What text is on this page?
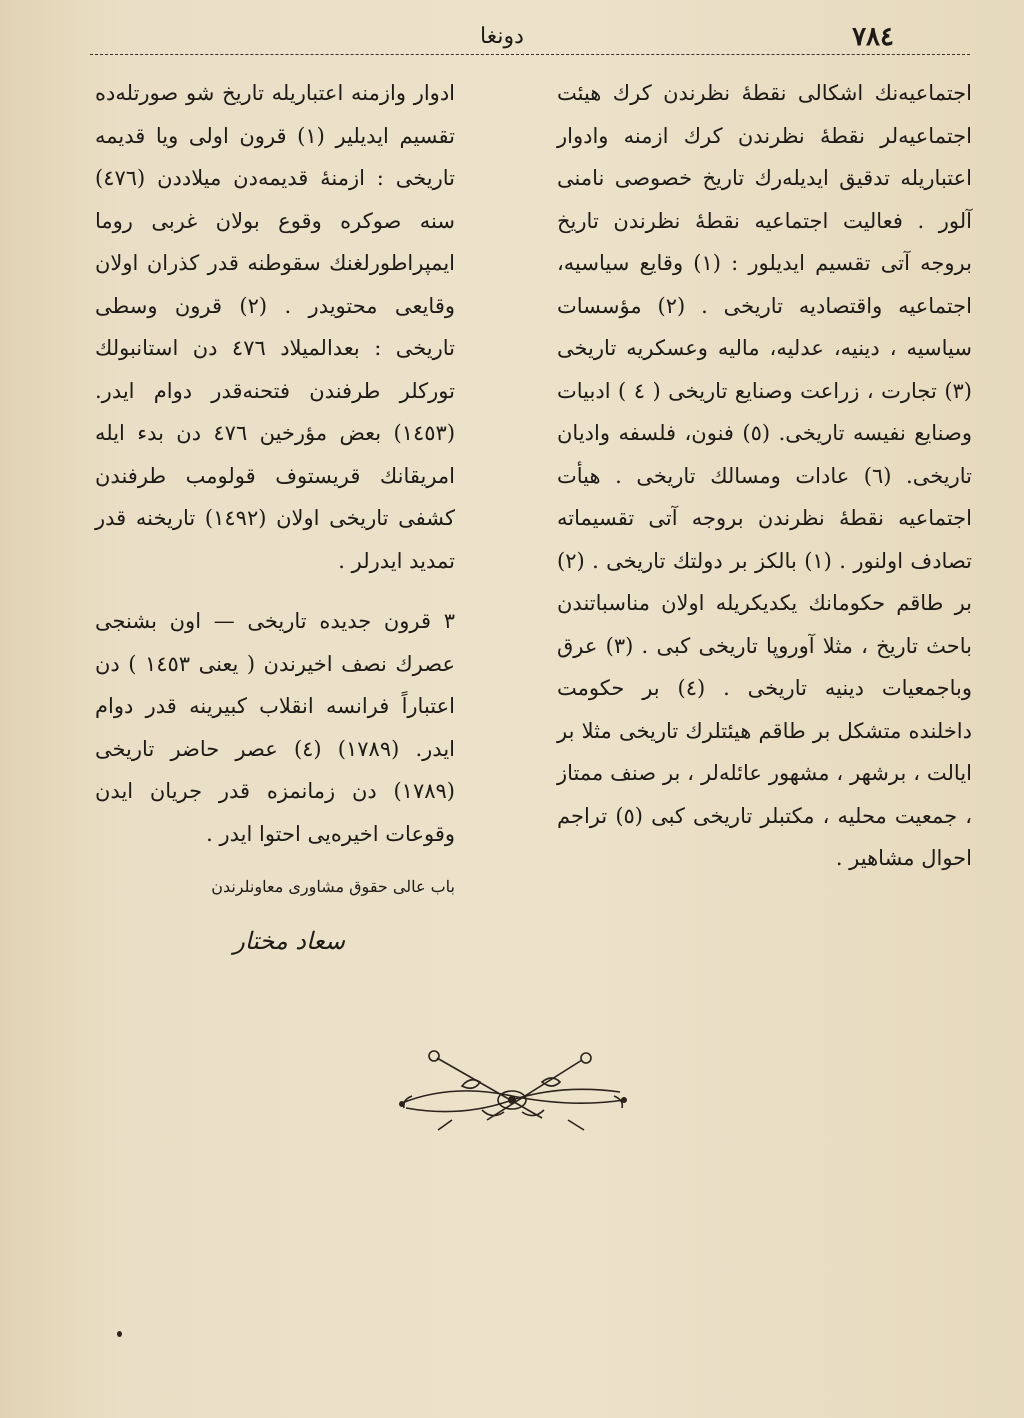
٧٨٤
دونغا

اجتماعیه‌نك اشكالی نقطهٔ نظرندن كرك هیئت اجتماعیه‌لر نقطهٔ نظرندن كرك ازمنه وادوار اعتباریله تدقیق ایدیله‌رك تاریخ خصوصی نامنی آلور . فعالیت اجتماعیه نقطهٔ نظرندن تاریخ بروجه آتی تقسیم ایدیلور : (١) وقایع سیاسیه، اجتماعیه واقتصادیه تاریخی . (٢) مؤسسات سیاسیه ، دینیه، عدلیه، مالیه وعسكریه تاریخی (٣) تجارت ، زراعت وصنایع تاریخی ( ٤ ) ادبیات وصنایع نفیسه تاریخی. (٥) فنون، فلسفه وادیان تاریخی. (٦) عادات ومسالك تاریخی . هیأت اجتماعیه نقطهٔ نظرندن بروجه آتی تقسیماته تصادف اولنور . (١) بالكز بر دولتك تاریخی . (٢) بر طاقم حكومانك یكدیكریله اولان مناسباتندن باحث تاریخ ، مثلا آوروپا تاریخی كبی . (٣) عرق وباجمعیات دینیه تاریخی . (٤) بر حكومت داخلنده متشكل بر طاقم هیئتلرك تاریخی مثلا بر ایالت ، برشهر ، مشهور عائله‌لر ، بر صنف ممتاز ، جمعیت محلیه ، مكتبلر تاریخی كبی (٥) تراجم احوال مشاهیر .

ادوار وازمنه اعتباریله تاریخ شو صورتله‌ده تقسیم ایدیلیر (١) قرون اولی ویا قدیمه تاریخی : ازمنهٔ قدیمه‌دن میلاددن (٤٧٦) سنه صوكره وقوع بولان غربی روما ایمپراطورلغنك سقوطنه قدر كذران اولان وقایعی محتویدر . (٢) قرون وسطی تاریخی : بعدالمیلاد ٤٧٦ دن استانبولك توركلر طرفندن فتحنه‌قدر دوام ایدر. (١٤٥٣) بعض مؤرخین ٤٧٦ دن بدء ایله امریقانك قریستوف قولومب طرفندن كشفی تاریخی اولان (١٤٩٢) تاریخنه قدر تمدید ایدرلر .

٣ قرون جدیده تاریخی — اون بشنجی عصرك نصف اخیرندن ( یعنی ١٤٥٣ ) دن اعتباراً فرانسه انقلاب كبیرینه قدر دوام ایدر. (١٧٨٩) (٤) عصر حاضر تاریخی (١٧٨٩) دن زمانمزه قدر جریان ایدن وقوعات اخیره‌یی احتوا ایدر .

باب عالی حقوق مشاوری معاونلرندن

سعاد مختار
